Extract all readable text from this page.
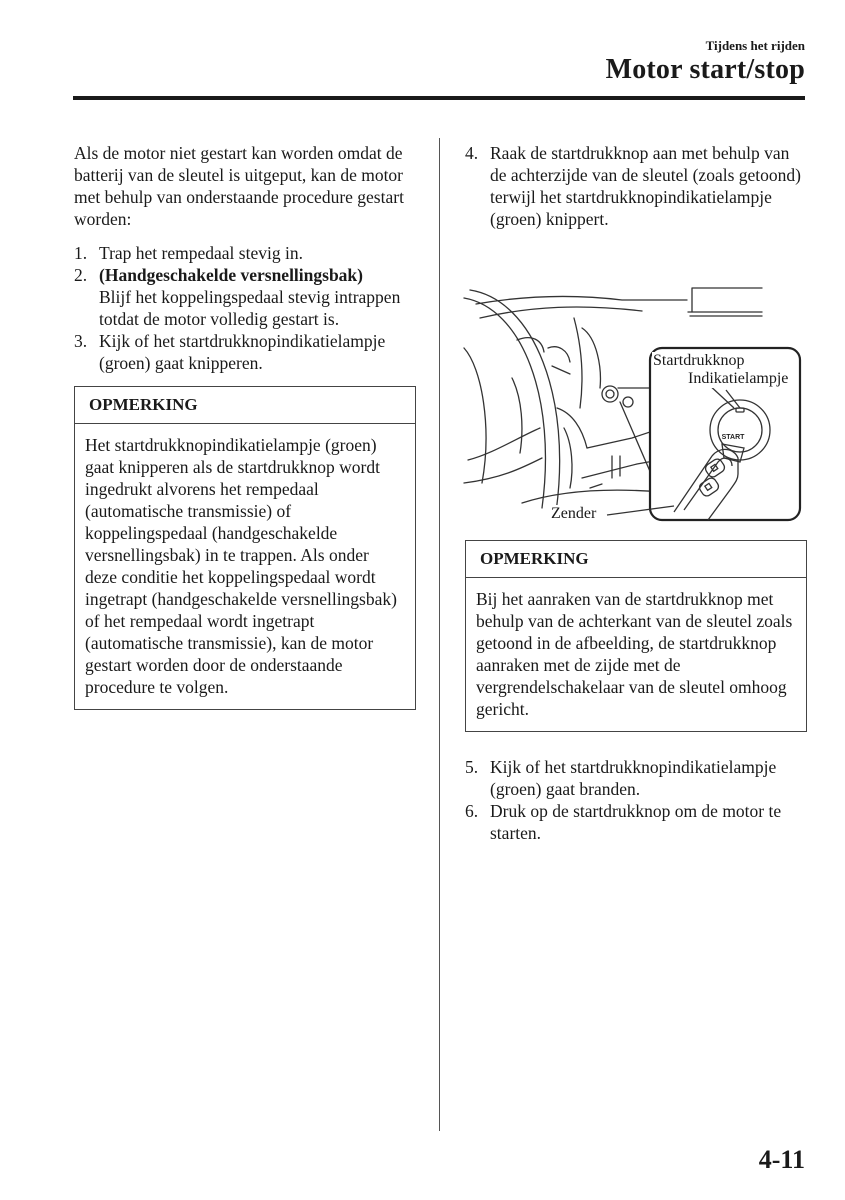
Tijdens het rijden
Motor start/stop

Als de motor niet gestart kan worden omdat de batterij van de sleutel is uitgeput, kan de motor met behulp van onderstaande procedure gestart worden:

1. Trap het rempedaal stevig in.
2. (Handgeschakelde versnellingsbak)
Blijf het koppelingspedaal stevig intrappen totdat de motor volledig gestart is.
3. Kijk of het startdrukknopindikatielampje (groen) gaat knipperen.
OPMERKING
Het startdrukknopindikatielampje (groen) gaat knipperen als de startdrukknop wordt ingedrukt alvorens het rempedaal (automatische transmissie) of koppelingspedaal (handgeschakelde versnellingsbak) in te trappen. Als onder deze conditie het koppelingspedaal wordt ingetrapt (handgeschakelde versnellingsbak) of het rempedaal wordt ingetrapt (automatische transmissie), kan de motor gestart worden door de onderstaande procedure te volgen.
4. Raak de startdrukknop aan met behulp van de achterzijde van de sleutel (zoals getoond) terwijl het startdrukknopindikatielampje (groen) knippert.
START
Startdrukknop
Indikatielampje
Zender
OPMERKING
Bij het aanraken van de startdrukknop met behulp van de achterkant van de sleutel zoals getoond in de afbeelding, de startdrukknop aanraken met de zijde met de vergrendelschakelaar van de sleutel omhoog gericht.
5. Kijk of het startdrukknopindikatielampje (groen) gaat branden.
6. Druk op de startdrukknop om de motor te starten.
4-11
